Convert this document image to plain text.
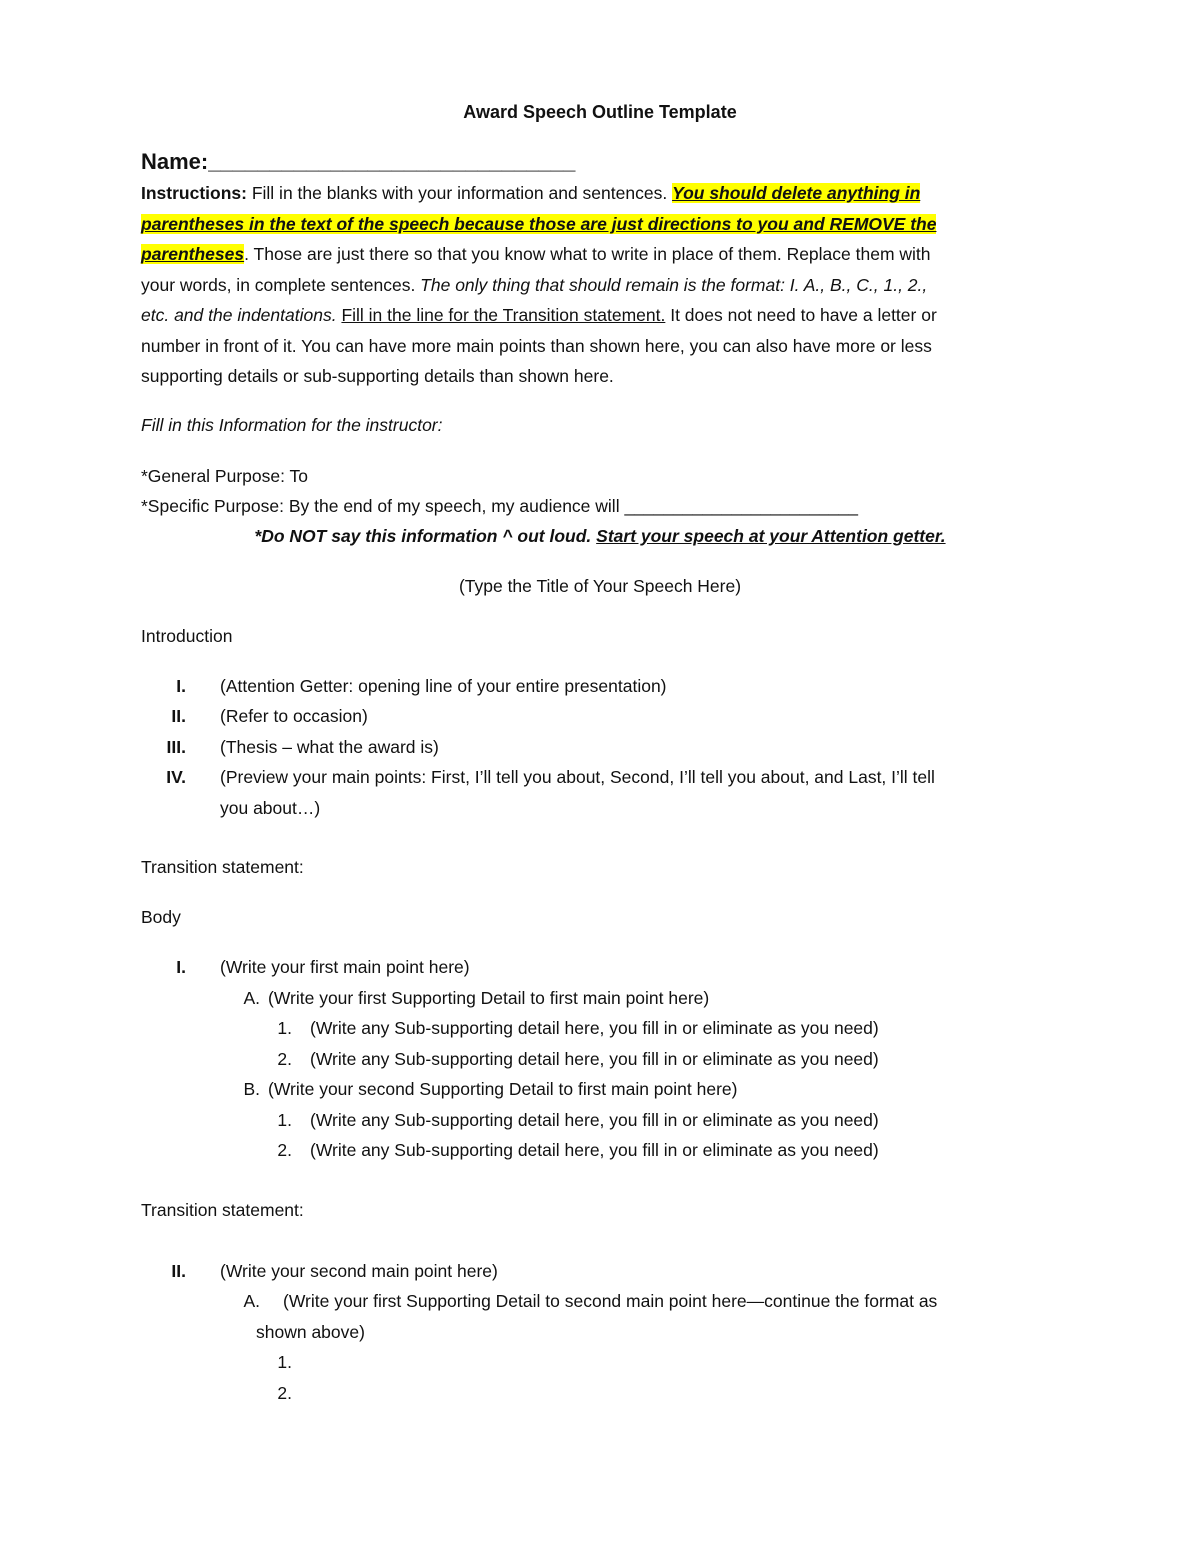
Award Speech Outline Template
Name:______________________________
Instructions: Fill in the blanks with your information and sentences. You should delete anything in
parentheses in the text of the speech because those are just directions to you and REMOVE the
parentheses. Those are just there so that you know what to write in place of them. Replace them with
your words, in complete sentences. The only thing that should remain is the format: I. A., B., C., 1., 2.,
etc. and the indentations. Fill in the line for the Transition statement. It does not need to have a letter or
number in front of it. You can have more main points than shown here, you can also have more or less
supporting details or sub-supporting details than shown here.
Fill in this Information for the instructor:
*General Purpose: To
*Specific Purpose: By the end of my speech, my audience will ________________________
*Do NOT say this information ^ out loud. Start your speech at your Attention getter.
(Type the Title of Your Speech Here)
Introduction
I. (Attention Getter: opening line of your entire presentation)
II. (Refer to occasion)
III. (Thesis – what the award is)
IV. (Preview your main points: First, I’ll tell you about, Second, I’ll tell you about, and Last, I’ll tell
you about…)
Transition statement:
Body
I. (Write your first main point here)
A. (Write your first Supporting Detail to first main point here)
1. (Write any Sub-supporting detail here, you fill in or eliminate as you need)
2. (Write any Sub-supporting detail here, you fill in or eliminate as you need)
B. (Write your second Supporting Detail to first main point here)
1. (Write any Sub-supporting detail here, you fill in or eliminate as you need)
2. (Write any Sub-supporting detail here, you fill in or eliminate as you need)
Transition statement:
II. (Write your second main point here)
A. (Write your first Supporting Detail to second main point here—continue the format as
shown above)
1.
2.
